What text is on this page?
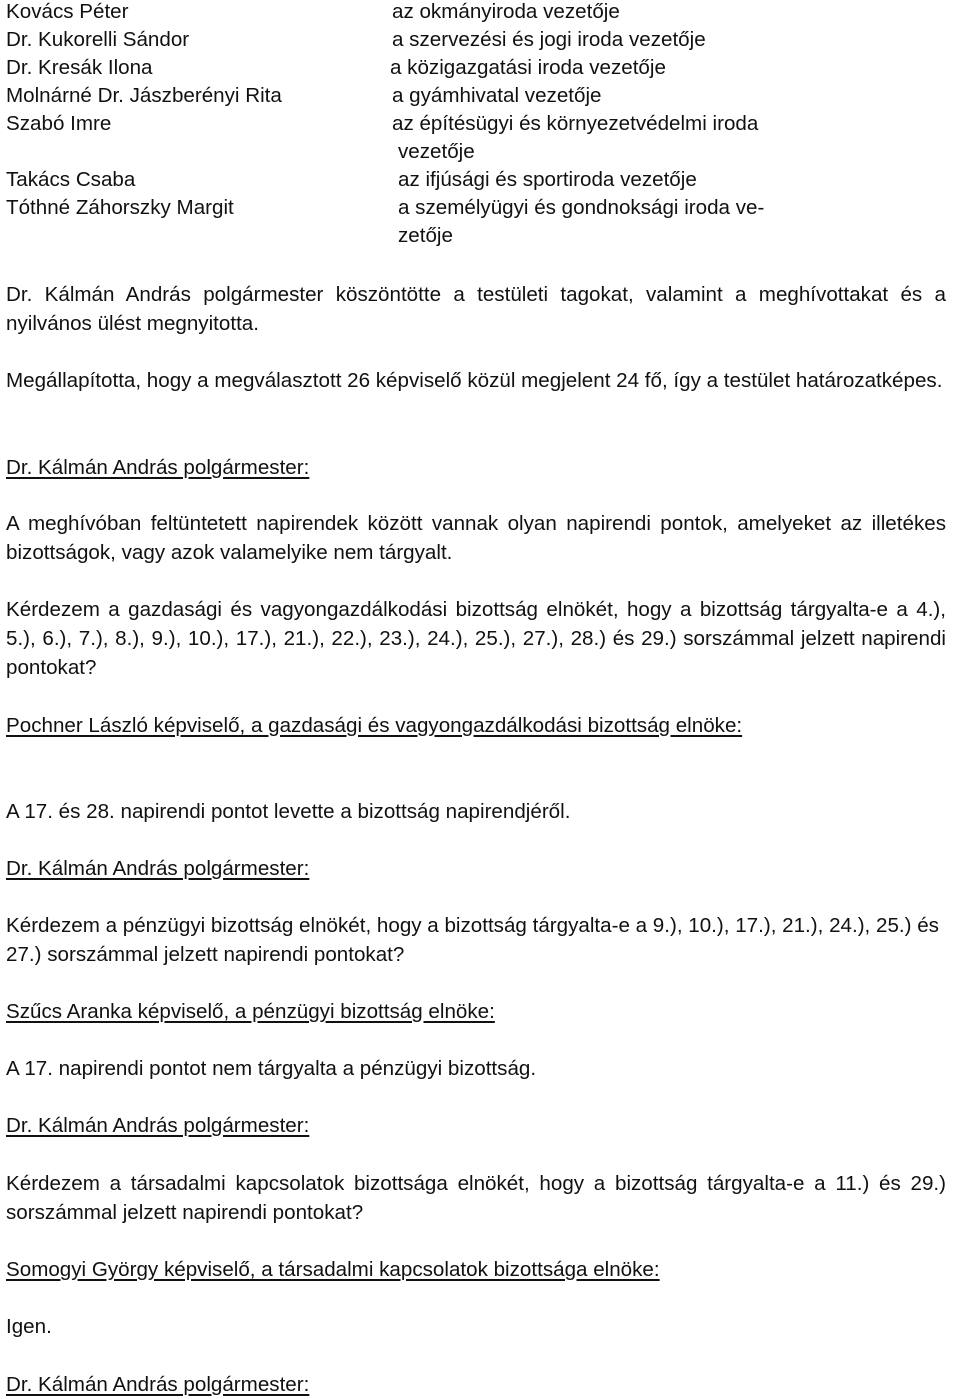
Kovács Péter	az okmányiroda vezetője
Dr. Kukorelli Sándor	a szervezési és jogi iroda vezetője
Dr. Kresák Ilona	a közigazgatási iroda vezetője
Molnárné Dr. Jászberényi Rita	a gyámhivatal vezetője
Szabó Imre	az építésügyi és környezetvédelmi iroda
vezetője
Takács Csaba	az ifjúsági és sportiroda vezetője
Tóthné Záhorszky Margit	a személyügyi és gondnoksági iroda ve-
zetője
Dr. Kálmán András polgármester köszöntötte a testületi tagokat, valamint a meghívottakat és a nyilvános ülést megnyitotta.
Megállapította, hogy a megválasztott 26 képviselő közül megjelent 24 fő, így a testület határozatképes.
Dr. Kálmán András polgármester:
A meghívóban feltüntetett napirendek között vannak olyan napirendi pontok, amelyeket az illetékes bizottságok, vagy azok valamelyike nem tárgyalt.
Kérdezem a gazdasági és vagyongazdálkodási bizottság elnökét, hogy a bizottság tárgyalta-e a 4.), 5.), 6.), 7.), 8.), 9.), 10.), 17.), 21.), 22.), 23.), 24.), 25.), 27.), 28.) és 29.) sorszámmal jelzett napirendi pontokat?
Pochner László képviselő, a gazdasági és vagyongazdálkodási bizottság elnöke:
A 17. és 28. napirendi pontot levette a bizottság napirendjéről.
Dr. Kálmán András polgármester:
Kérdezem a pénzügyi bizottság elnökét, hogy a bizottság tárgyalta-e a 9.), 10.), 17.), 21.), 24.), 25.) és 27.) sorszámmal jelzett napirendi pontokat?
Szűcs Aranka képviselő, a pénzügyi bizottság elnöke:
A 17. napirendi pontot nem tárgyalta a pénzügyi bizottság.
Dr. Kálmán András polgármester:
Kérdezem a társadalmi kapcsolatok bizottsága elnökét, hogy a bizottság tárgyalta-e a 11.) és 29.) sorszámmal jelzett napirendi pontokat?
Somogyi György képviselő, a társadalmi kapcsolatok bizottsága elnöke:
Igen.
Dr. Kálmán András polgármester:
